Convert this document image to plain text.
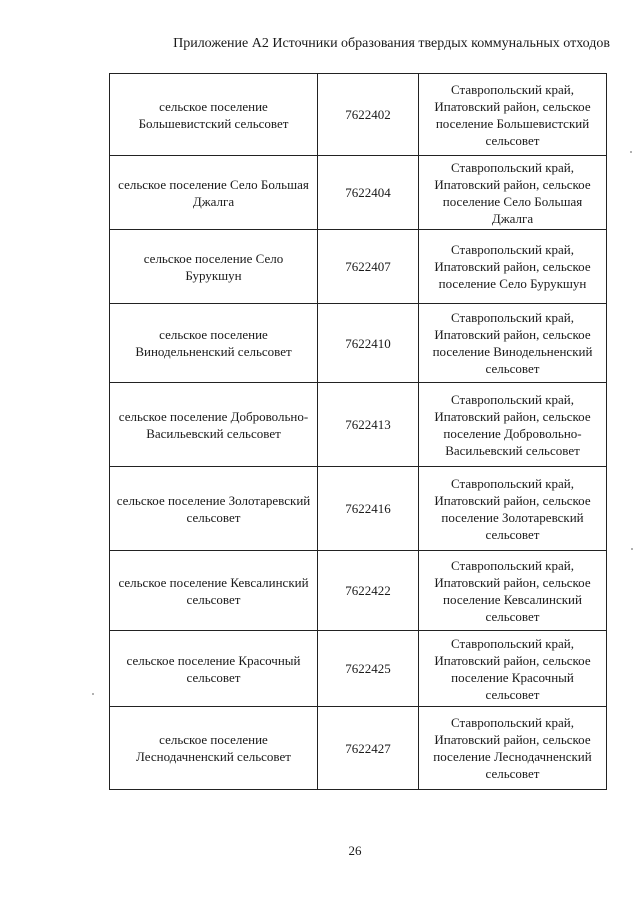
Приложение А2 Источники образования твердых коммунальных отходов
сельское поселение Большевистский сельсовет	7622402	Ставропольский край, Ипатовский район, сельское поселение Большевистский сельсовет
сельское поселение Село Большая Джалга	7622404	Ставропольский край, Ипатовский район, сельское поселение Село Большая Джалга
сельское поселение Село Бурукшун	7622407	Ставропольский край, Ипатовский район, сельское поселение Село Бурукшун
сельское поселение Винодельненский сельсовет	7622410	Ставропольский край, Ипатовский район, сельское поселение Винодельненский сельсовет
сельское поселение Добровольно-Васильевский сельсовет	7622413	Ставропольский край, Ипатовский район, сельское поселение Добровольно-Васильевский сельсовет
сельское поселение Золотаревский сельсовет	7622416	Ставропольский край, Ипатовский район, сельское поселение Золотаревский сельсовет
сельское поселение Кевсалинский сельсовет	7622422	Ставропольский край, Ипатовский район, сельское поселение Кевсалинский сельсовет
сельское поселение Красочный сельсовет	7622425	Ставропольский край, Ипатовский район, сельское поселение Красочный сельсовет
сельское поселение Леснодачненский сельсовет	7622427	Ставропольский край, Ипатовский район, сельское поселение Леснодачненский сельсовет
26
